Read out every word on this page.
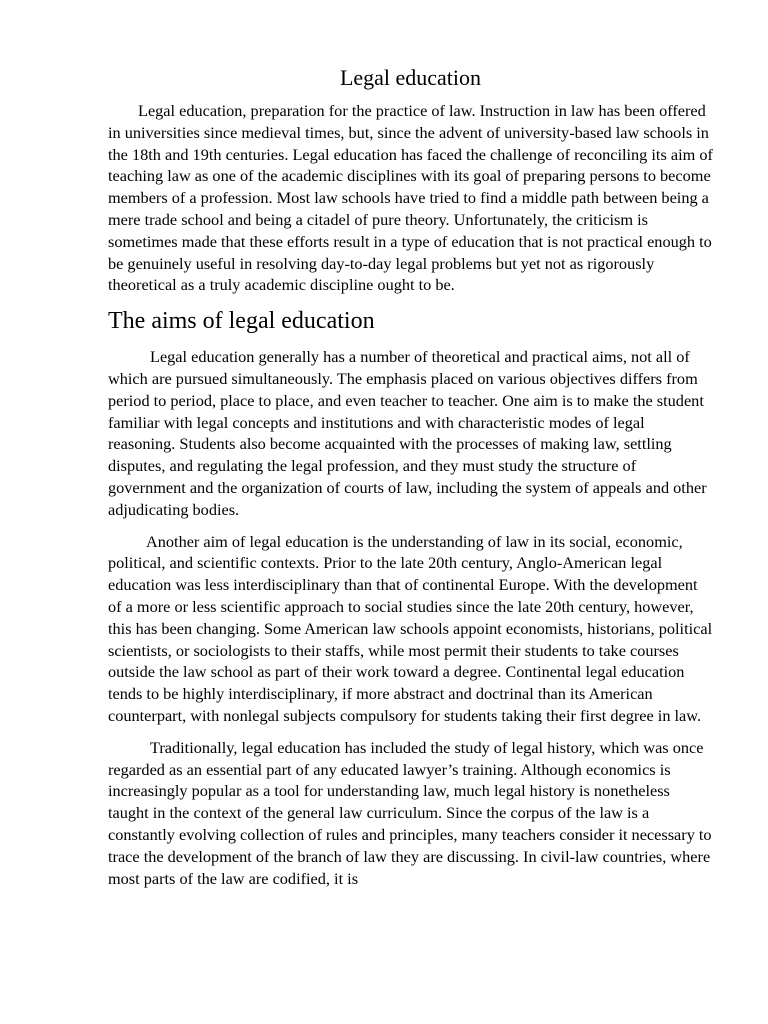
Legal education

Legal education, preparation for the practice of law. Instruction in law has been offered in universities since medieval times, but, since the advent of university-based law schools in the 18th and 19th centuries. Legal education has faced the challenge of reconciling its aim of teaching law as one of the academic disciplines with its goal of preparing persons to become members of a profession. Most law schools have tried to find a middle path between being a mere trade school and being a citadel of pure theory. Unfortunately, the criticism is sometimes made that these efforts result in a type of education that is not practical enough to be genuinely useful in resolving day-to-day legal problems but yet not as rigorously theoretical as a truly academic discipline ought to be.

The aims of legal education

Legal education generally has a number of theoretical and practical aims, not all of which are pursued simultaneously. The emphasis placed on various objectives differs from period to period, place to place, and even teacher to teacher. One aim is to make the student familiar with legal concepts and institutions and with characteristic modes of legal reasoning. Students also become acquainted with the processes of making law, settling disputes, and regulating the legal profession, and they must study the structure of government and the organization of courts of law, including the system of appeals and other adjudicating bodies.

Another aim of legal education is the understanding of law in its social, economic, political, and scientific contexts. Prior to the late 20th century, Anglo-American legal education was less interdisciplinary than that of continental Europe. With the development of a more or less scientific approach to social studies since the late 20th century, however, this has been changing. Some American law schools appoint economists, historians, political scientists, or sociologists to their staffs, while most permit their students to take courses outside the law school as part of their work toward a degree. Continental legal education tends to be highly interdisciplinary, if more abstract and doctrinal than its American counterpart, with nonlegal subjects compulsory for students taking their first degree in law.

Traditionally, legal education has included the study of legal history, which was once regarded as an essential part of any educated lawyer’s training. Although economics is increasingly popular as a tool for understanding law, much legal history is nonetheless taught in the context of the general law curriculum. Since the corpus of the law is a constantly evolving collection of rules and principles, many teachers consider it necessary to trace the development of the branch of law they are discussing. In civil-law countries, where most parts of the law are codified, it is
